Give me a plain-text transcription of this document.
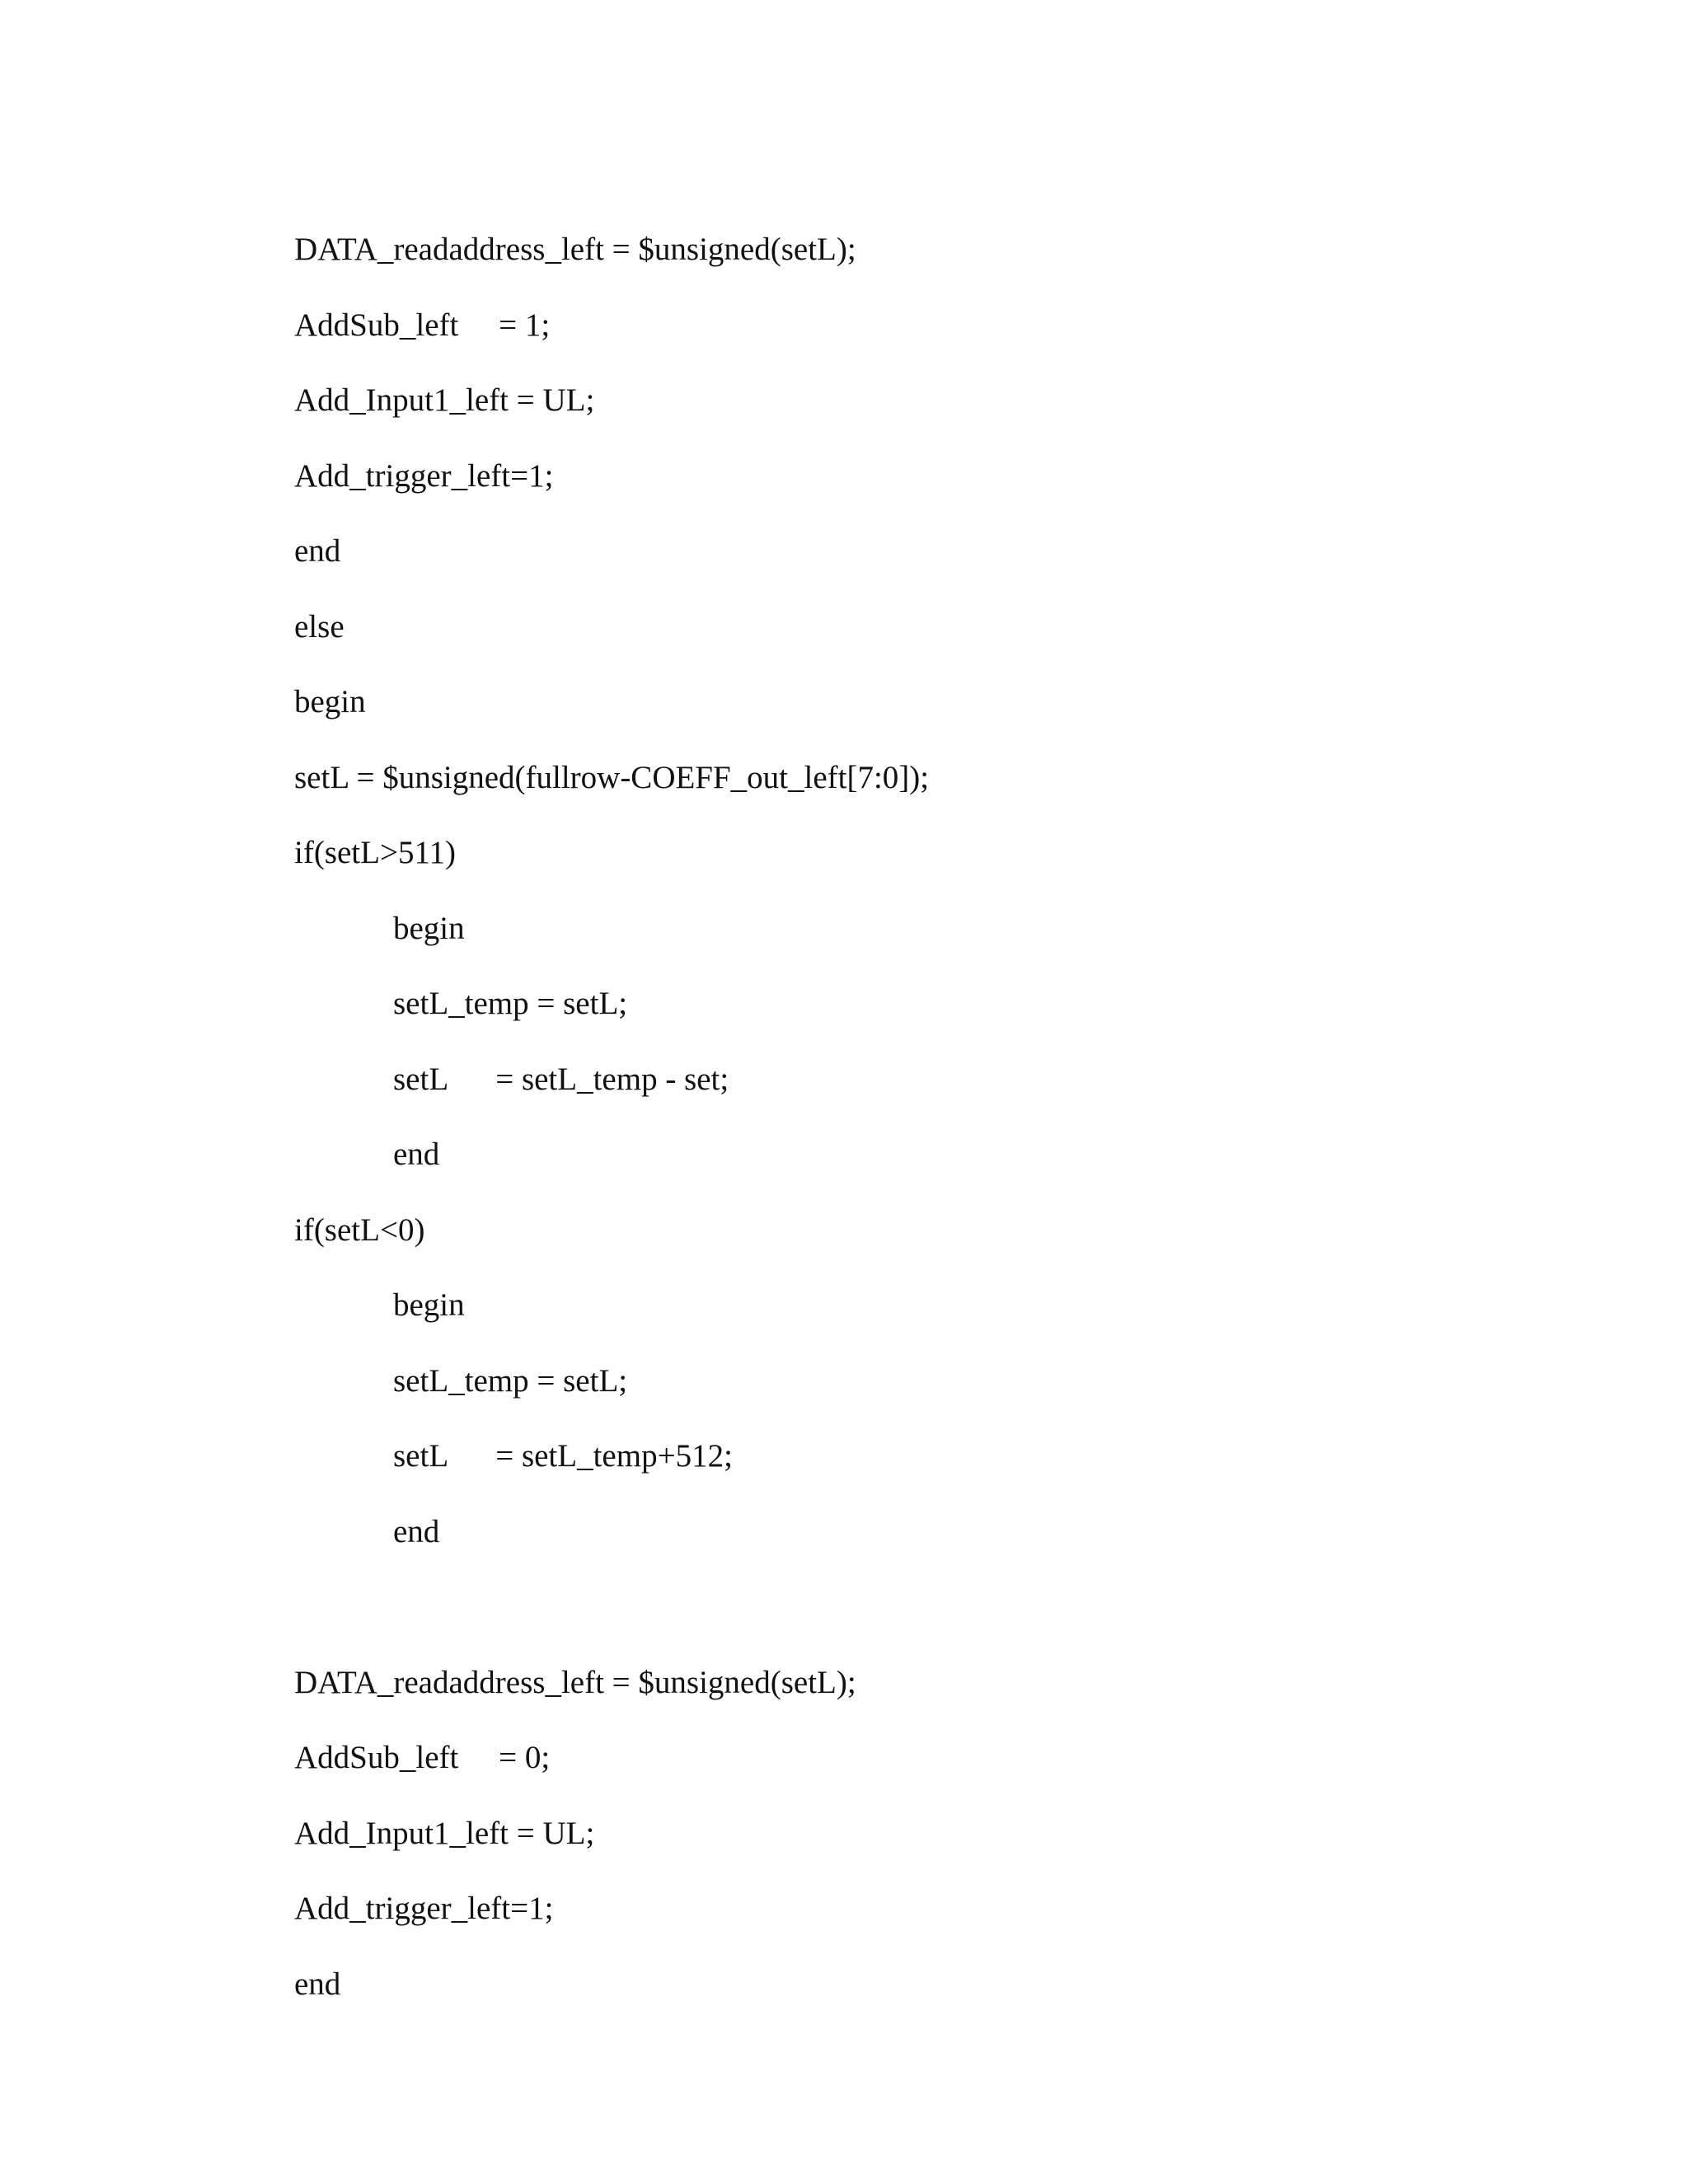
DATA_readaddress_left = $unsigned(setL);

AddSub_left     = 1;

Add_Input1_left = UL;

Add_trigger_left=1;

end

else

begin

setL = $unsigned(fullrow-COEFF_out_left[7:0]);

if(setL>511)

begin

setL_temp = setL;

setL      = setL_temp - set;

end

if(setL<0)

begin

setL_temp = setL;

setL      = setL_temp+512;

end

DATA_readaddress_left = $unsigned(setL);

AddSub_left     = 0;

Add_Input1_left = UL;

Add_trigger_left=1;

end
